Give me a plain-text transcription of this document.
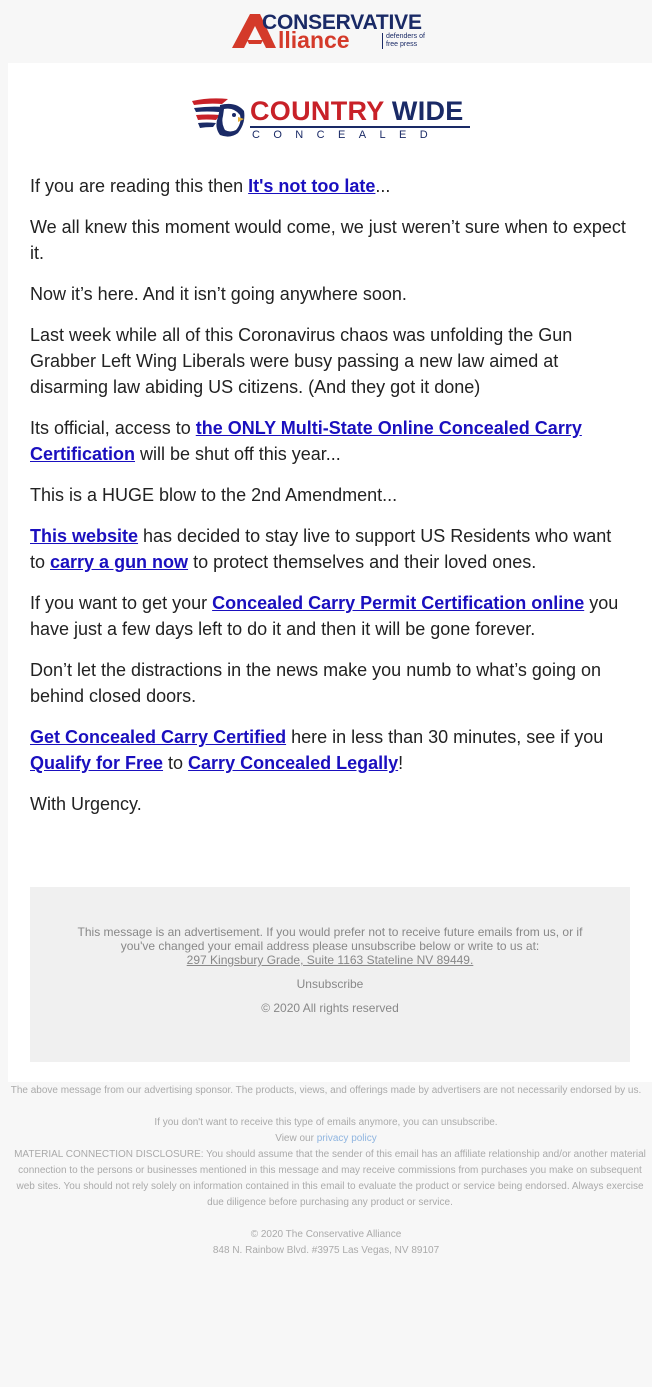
CONSERVATIVE
lliance	defenders of free press
COUNTRY WIDE
CONCEALED

If you are reading this then It's not too late...

We all knew this moment would come, we just weren’t sure when to expect it.

Now it’s here. And it isn’t going anywhere soon.

Last week while all of this Coronavirus chaos was unfolding the Gun Grabber Left Wing Liberals were busy passing a new law aimed at disarming law abiding US citizens. (And they got it done)

Its official, access to the ONLY Multi-State Online Concealed Carry Certification will be shut off this year...

This is a HUGE blow to the 2nd Amendment...

This website has decided to stay live to support US Residents who want to carry a gun now to protect themselves and their loved ones.

If you want to get your Concealed Carry Permit Certification online you have just a few days left to do it and then it will be gone forever.

Don’t let the distractions in the news make you numb to what’s going on behind closed doors.

Get Concealed Carry Certified here in less than 30 minutes, see if you Qualify for Free to Carry Concealed Legally!

With Urgency.

This message is an advertisement. If you would prefer not to receive future emails from us, or if you've changed your email address please unsubscribe below or write to us at:
297 Kingsbury Grade, Suite 1163 Stateline NV 89449.
Unsubscribe
© 2020 All rights reserved
The above message from our advertising sponsor. The products, views, and offerings made by advertisers are not necessarily endorsed by us.
If you don't want to receive this type of emails anymore, you can unsubscribe.
View our privacy policy
MATERIAL CONNECTION DISCLOSURE: You should assume that the sender of this email has an affiliate relationship and/or another material connection to the persons or businesses mentioned in this message and may receive commissions from purchases you make on subsequent web sites. You should not rely solely on information contained in this email to evaluate the product or service being endorsed. Always exercise due diligence before purchasing any product or service.
© 2020 The Conservative Alliance
848 N. Rainbow Blvd. #3975 Las Vegas, NV 89107
